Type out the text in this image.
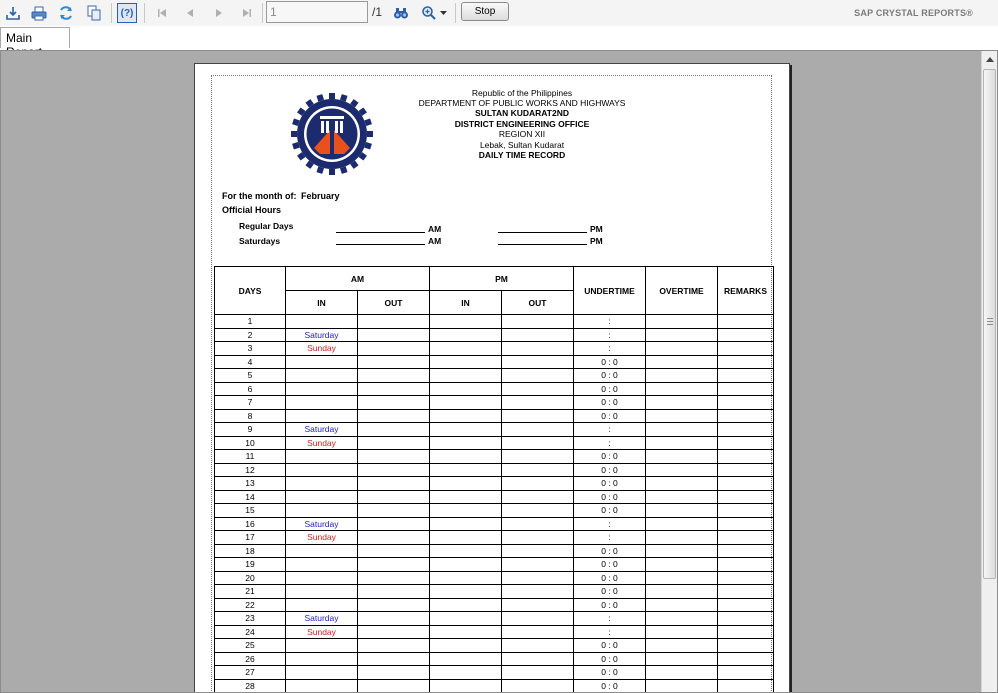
(?)
1	/1	Stop	SAP CRYSTAL REPORTS®
Main
Republic of the Philippines
DEPARTMENT OF PUBLIC WORKS AND HIGHWAYS
SULTAN KUDARAT2ND
DISTRICT ENGINEERING OFFICE
REGION XII
Lebak, Sultan Kudarat
DAILY TIME RECORD
For the month of: February
Official Hours
Regular Days	AM	PM
Saturdays	AM	PM
DAYS	AM		PM		UNDERTIME	OVERTIME	REMARKS
	IN	OUT	IN	OUT			
1					:		
2	Saturday				:		
3	Sunday				:		
4					0 : 0		
5					0 : 0		
6					0 : 0		
7					0 : 0		
8					0 : 0		
9	Saturday				:		
10	Sunday				:		
11					0 : 0		
12					0 : 0		
13					0 : 0		
14					0 : 0		
15					0 : 0		
16	Saturday				:		
17	Sunday				:		
18					0 : 0		
19					0 : 0		
20					0 : 0		
21					0 : 0		
22					0 : 0		
23	Saturday				:		
24	Sunday				:		
25					0 : 0		
26					0 : 0		
27					0 : 0		
28					0 : 0		
